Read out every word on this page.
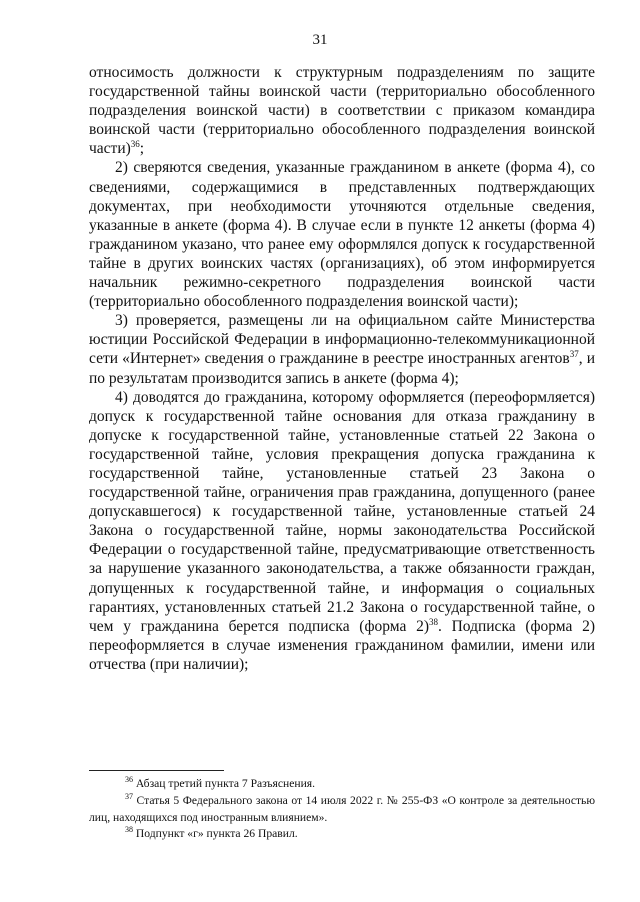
31

относимость должности к структурным подразделениям по защите государственной тайны воинской части (территориально обособленного подразделения воинской части) в соответствии с приказом командира воинской части (территориально обособленного подразделения воинской части)$^{36}$;

2) сверяются сведения, указанные гражданином в анкете (форма 4), со сведениями, содержащимися в представленных подтверждающих документах, при необходимости уточняются отдельные сведения, указанные в анкете (форма 4). В случае если в пункте 12 анкеты (форма 4) гражданином указано, что ранее ему оформлялся допуск к государственной тайне в других воинских частях (организациях), об этом информируется начальник режимно-секретного подразделения воинской части (территориально обособленного подразделения воинской части);

3) проверяется, размещены ли на официальном сайте Министерства юстиции Российской Федерации в информационно-телекоммуникационной сети «Интернет» сведения о гражданине в реестре иностранных агентов$^{37}$, и по результатам производится запись в анкете (форма 4);

4) доводятся до гражданина, которому оформляется (переоформляется) допуск к государственной тайне основания для отказа гражданину в допуске к государственной тайне, установленные статьей 22 Закона о государственной тайне, условия прекращения допуска гражданина к государственной тайне, установленные статьей 23 Закона о государственной тайне, ограничения прав гражданина, допущенного (ранее допускавшегося) к государственной тайне, установленные статьей 24 Закона о государственной тайне, нормы законодательства Российской Федерации о государственной тайне, предусматривающие ответственность за нарушение указанного законодательства, а также обязанности граждан, допущенных к государственной тайне, и информация о социальных гарантиях, установленных статьей 21.2 Закона о государственной тайне, о чем у гражданина берется подписка (форма 2)$^{38}$. Подписка (форма 2) переоформляется в случае изменения гражданином фамилии, имени или отчества (при наличии);

$^{36}$ Абзац третий пункта 7 Разъяснения.

$^{37}$ Статья 5 Федерального закона от 14 июля 2022 г. № 255-ФЗ «О контроле за деятельностью лиц, находящихся под иностранным влиянием».

$^{38}$ Подпункт «г» пункта 26 Правил.
